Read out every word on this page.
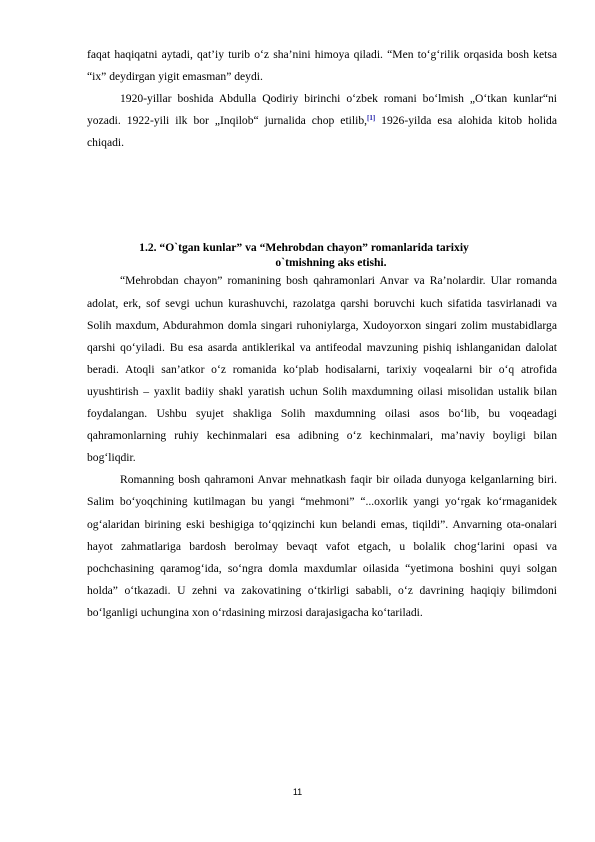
faqat haqiqatni aytadi, qat’iy turib o‘z sha’nini himoya qiladi. “Men to‘g‘rilik orqasida bosh ketsa “ix” deydirgan yigit emasman” deydi.

1920-yillar boshida Abdulla Qodiriy birinchi o‘zbek romani bo‘lmish „O‘tkan kunlar“ni yozadi. 1922-yili ilk bor „Inqilob“ jurnalida chop etilib,[1] 1926-yilda esa alohida kitob holida chiqadi.

1.2. “O`tgan kunlar” va “Mehrobdan chayon” romanlarida tarixiy
o`tmishning aks etishi.

“Mehrobdan chayon” romanining bosh qahramonlari Anvar va Ra’nolardir. Ular romanda adolat, erk, sof sevgi uchun kurashuvchi, razolatga qarshi boruvchi kuch sifatida tasvirlanadi va Solih maxdum, Abdurahmon domla singari ruhoniylarga, Xudoyorxon singari zolim mustabidlarga qarshi qo‘yiladi. Bu esa asarda antiklerikal va antifeodal mavzuning pishiq ishlanganidan dalolat beradi. Atoqli san’atkor o‘z romanida ko‘plab hodisalarni, tarixiy voqealarni bir o‘q atrofida uyushtirish – yaxlit badiiy shakl yaratish uchun Solih maxdumning oilasi misolidan ustalik bilan foydalangan. Ushbu syujet shakliga Solih maxdumning oilasi asos bo‘lib, bu voqeadagi qahramonlarning ruhiy kechinmalari esa adibning o‘z kechinmalari, ma’naviy boyligi bilan bog‘liqdir.

Romanning bosh qahramoni Anvar mehnatkash faqir bir oilada dunyoga kelganlarning biri. Salim bo‘yoqchining kutilmagan bu yangi “mehmoni” “...oxorlik yangi yo‘rgak ko‘rmaganidek og‘alaridan birining eski beshigiga to‘qqizinchi kun belandi emas, tiqildi”. Anvarning ota-onalari hayot zahmatlariga bardosh berolmay bevaqt vafot etgach, u bolalik chog‘larini opasi va pochchasining qaramog‘ida, so‘ngra domla maxdumlar oilasida “yetimona boshini quyi solgan holda” o‘tkazadi. U zehni va zakovatining o‘tkirligi sababli, o‘z davrining haqiqiy bilimdoni bo‘lganligi uchungina xon o‘rdasining mirzosi darajasigacha ko‘tariladi.

11
